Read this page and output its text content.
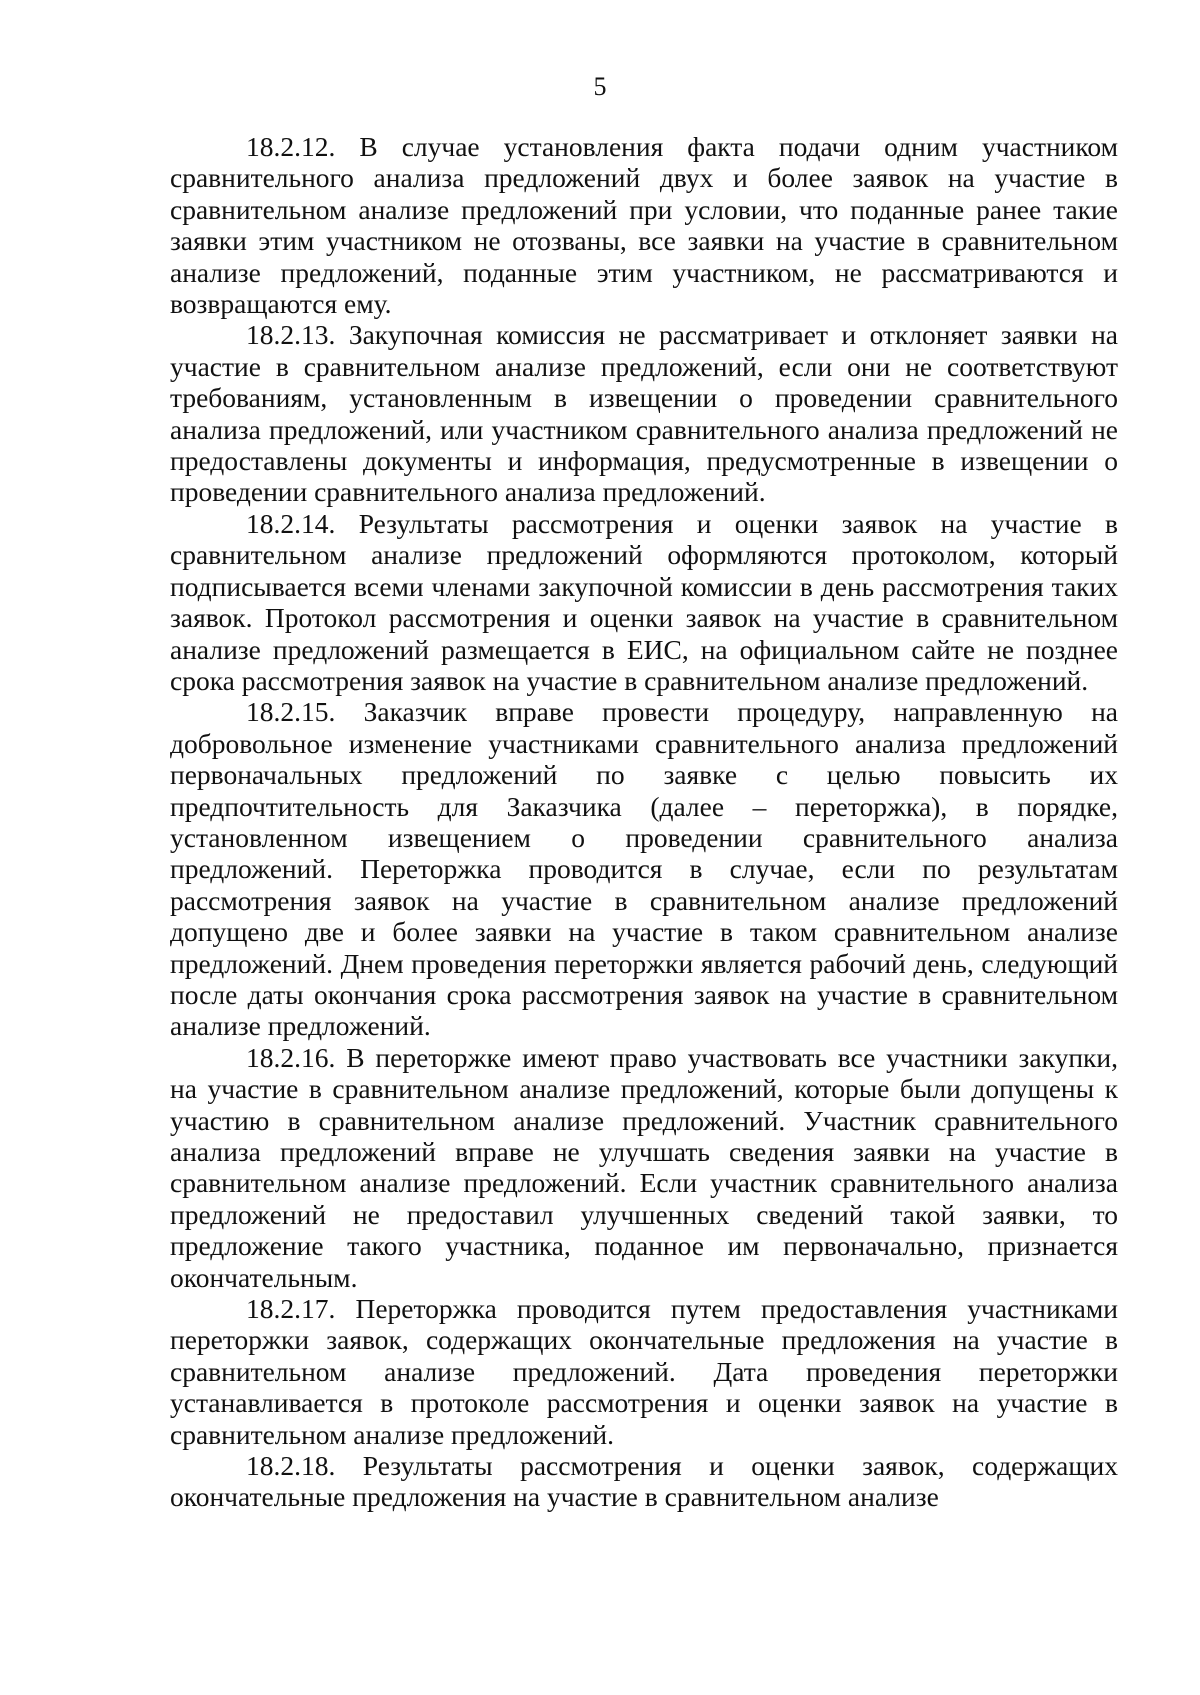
5

18.2.12. В случае установления факта подачи одним участником сравнительного анализа предложений двух и более заявок на участие в сравнительном анализе предложений при условии, что поданные ранее такие заявки этим участником не отозваны, все заявки на участие в сравнительном анализе предложений, поданные этим участником, не рассматриваются и возвращаются ему.

18.2.13. Закупочная комиссия не рассматривает и отклоняет заявки на участие в сравнительном анализе предложений, если они не соответствуют требованиям, установленным в извещении о проведении сравнительного анализа предложений, или участником сравнительного анализа предложений не предоставлены документы и информация, предусмотренные в извещении о проведении сравнительного анализа предложений.

18.2.14. Результаты рассмотрения и оценки заявок на участие в сравнительном анализе предложений оформляются протоколом, который подписывается всеми членами закупочной комиссии в день рассмотрения таких заявок. Протокол рассмотрения и оценки заявок на участие в сравнительном анализе предложений размещается в ЕИС, на официальном сайте не позднее срока рассмотрения заявок на участие в сравнительном анализе предложений.

18.2.15. Заказчик вправе провести процедуру, направленную на добровольное изменение участниками сравнительного анализа предложений первоначальных предложений по заявке с целью повысить их предпочтительность для Заказчика (далее – переторжка), в порядке, установленном извещением о проведении сравнительного анализа предложений. Переторжка проводится в случае, если по результатам рассмотрения заявок на участие в сравнительном анализе предложений допущено две и более заявки на участие в таком сравнительном анализе предложений. Днем проведения переторжки является рабочий день, следующий после даты окончания срока рассмотрения заявок на участие в сравнительном анализе предложений.

18.2.16. В переторжке имеют право участвовать все участники закупки, на участие в сравнительном анализе предложений, которые были допущены к участию в сравнительном анализе предложений. Участник сравнительного анализа предложений вправе не улучшать сведения заявки на участие в сравнительном анализе предложений. Если участник сравнительного анализа предложений не предоставил улучшенных сведений такой заявки, то предложение такого участника, поданное им первоначально, признается окончательным.

18.2.17. Переторжка проводится путем предоставления участниками переторжки заявок, содержащих окончательные предложения на участие в сравнительном анализе предложений. Дата проведения переторжки устанавливается в протоколе рассмотрения и оценки заявок на участие в сравнительном анализе предложений.

18.2.18. Результаты рассмотрения и оценки заявок, содержащих окончательные предложения на участие в сравнительном анализе
